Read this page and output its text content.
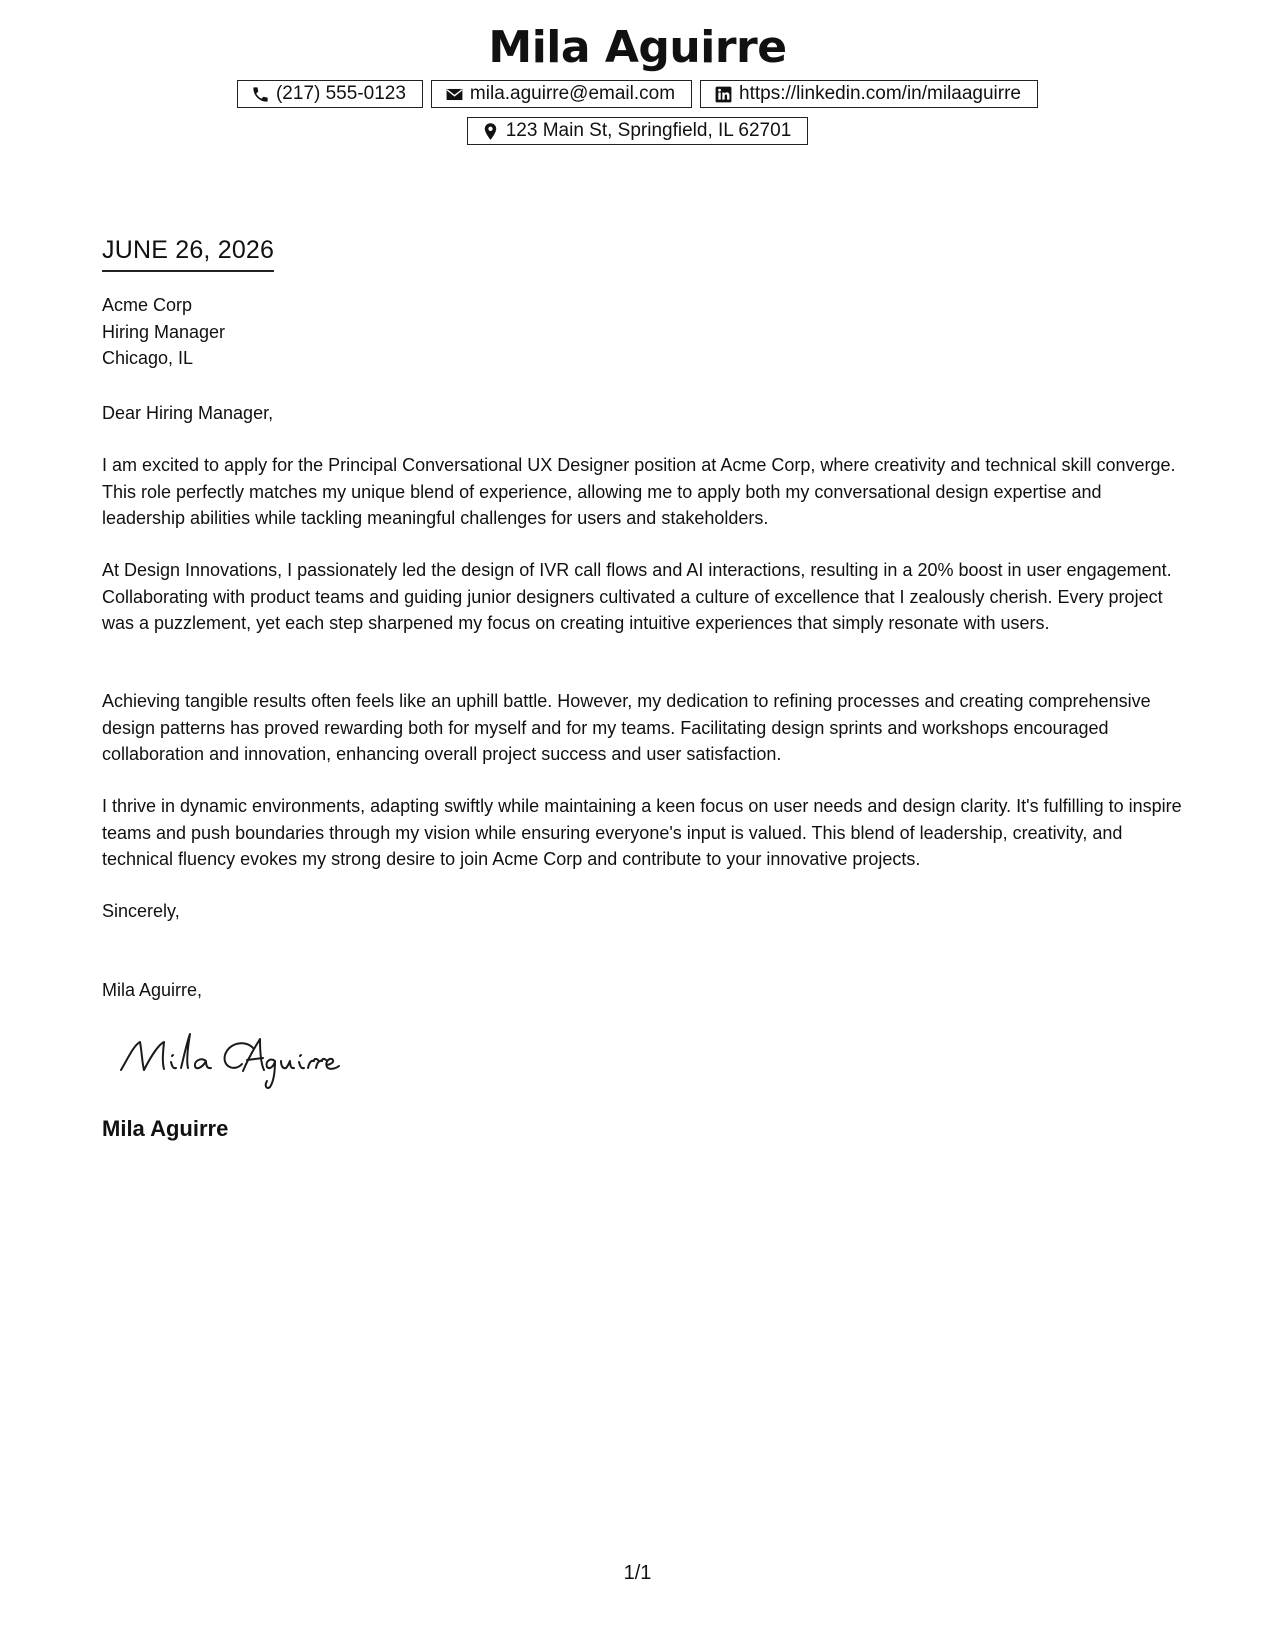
Mila Aguirre
(217) 555-0123	mila.aguirre@email.com	https://linkedin.com/in/milaaguirre
123 Main St, Springfield, IL 62701
JUNE 26, 2026
Acme Corp
Hiring Manager
Chicago, IL
Dear Hiring Manager,
I am excited to apply for the Principal Conversational UX Designer position at Acme Corp, where creativity and technical skill converge. This role perfectly matches my unique blend of experience, allowing me to apply both my conversational design expertise and leadership abilities while tackling meaningful challenges for users and stakeholders.
At Design Innovations, I passionately led the design of IVR call flows and AI interactions, resulting in a 20% boost in user engagement. Collaborating with product teams and guiding junior designers cultivated a culture of excellence that I zealously cherish. Every project was a puzzlement, yet each step sharpened my focus on creating intuitive experiences that simply resonate with users.
Achieving tangible results often feels like an uphill battle. However, my dedication to refining processes and creating comprehensive design patterns has proved rewarding both for myself and for my teams. Facilitating design sprints and workshops encouraged collaboration and innovation, enhancing overall project success and user satisfaction.
I thrive in dynamic environments, adapting swiftly while maintaining a keen focus on user needs and design clarity. It's fulfilling to inspire teams and push boundaries through my vision while ensuring everyone's input is valued. This blend of leadership, creativity, and technical fluency evokes my strong desire to join Acme Corp and contribute to your innovative projects.
Sincerely,
Mila Aguirre,
Mila Aguirre
1/1
